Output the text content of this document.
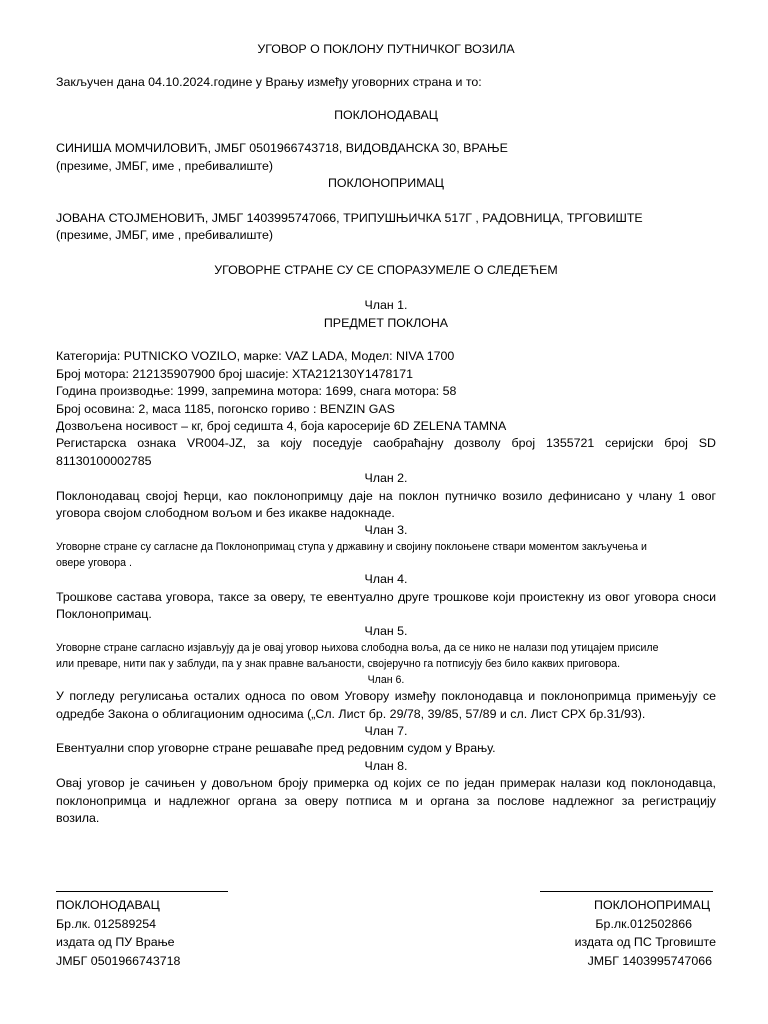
УГОВОР О ПОКЛОНУ ПУТНИЧКОГ ВОЗИЛА
Закључен дана 04.10.2024.године у Врању између уговорних страна и то:
ПОКЛОНОДАВАЦ
СИНИША МОМЧИЛОВИЋ, ЈМБГ 0501966743718, ВИДОВДАНСКА 30, ВРАЊЕ
(презиме, ЈМБГ, име , пребивалиште)
ПОКЛОНОПРИМАЦ
ЈОВАНА СТОЈМЕНОВИЋ, ЈМБГ 1403995747066, ТРИПУШЊИЧКА 517Г , РАДОВНИЦА, ТРГОВИШТЕ
(презиме, ЈМБГ, име , пребивалиште)
УГОВОРНЕ СТРАНЕ СУ СЕ СПОРАЗУМЕЛЕ О СЛЕДЕЋЕМ
Члан 1.
ПРЕДМЕТ ПОКЛОНА
Категорија: PUTNICKO VOZILO, марке: VAZ LADA, Модел: NIVA 1700
Број мотора: 212135907900 број шасије: XTA212130Y1478171
Година производње: 1999, запремина мотора: 1699, снага мотора: 58
Број осовина: 2, маса 1185, погонско гориво : BENZIN GAS
Дозвољена носивост – кг, број седишта 4, боја каросерије 6D ZELENA TAMNA
Регистарска ознака VR004-JZ, за коју поседује саобраћајну дозволу број 1355721 серијски број SD
81130100002785
Члан 2.
Поклонодавац својој ћерци, као поклонопримцу даје на поклон путничко возило дефинисано у члану 1 овог
уговора својом слободном вољом и без икакве надокнаде.
Члан 3.
Уговорне стране су сагласне да Поклонопримац ступа у државину и својину поклоњене ствари моментом закључења и
овере уговора .
Члан 4.
Трошкове састава уговора, таксе за оверу, те евентуално друге трошкове који проистекну из овог уговора сноси
Поклонопримац.
Члан 5.
Уговорне стране сагласно изјављују да је овај уговор њихова слободна воља, да се нико не налази под утицајем присиле
или преваре, нити пак у заблуди, па у знак правне ваљаности, својеручно га потписују без било каквих приговора.
Члан 6.
У погледу регулисања осталих односа по овом Уговору између поклонодавца и поклонопримца примењују се
одредбе Закона о облигационим односима („Сл. Лист бр. 29/78, 39/85, 57/89 и сл. Лист СРХ бр.31/93).
Члан 7.
Евентуални спор уговорне стране решаваће пред редовним судом у Врању.
Члан 8.
Овај уговор је сачињен у довољном броју примерка од којих се по један примерак налази код поклонодавца,
поклонопримца и надлежног органа за оверу потписа м и органа за послове надлежног за регистрацију
возила.
ПОКЛОНОДАВАЦ
Бр.лк. 012589254
издата од ПУ Врање
ЈМБГ 0501966743718
ПОКЛОНОПРИМАЦ
Бр.лк.012502866
издата од ПС Трговиште
ЈМБГ 1403995747066
